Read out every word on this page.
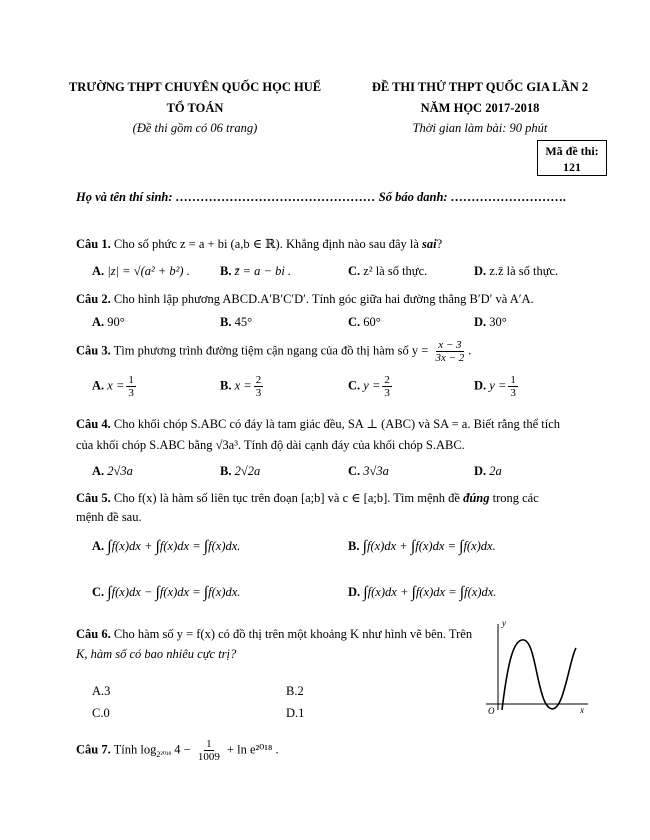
TRƯỜNG THPT CHUYÊN QUỐC HỌC HUẾ
TỔ TOÁN
(Đề thi gồm có 06 trang)
ĐỀ THI THỬ THPT QUỐC GIA LẦN 2
NĂM HỌC 2017-2018
Thời gian làm bài: 90 phút
Mã đề thi:
121
Họ và tên thí sinh: ………………………………………… Số báo danh: ……………………….
Câu 1. Cho số phức z = a + bi (a,b ∈ ℝ). Khẳng định nào sau đây là sai?
A. |z| = √(a² + b²) . B. z̄ = a − bi .	C. z² là số thực.	D. z.z̄ là số thực.
Câu 2. Cho hình lập phương ABCD.A′B′C′D′. Tính góc giữa hai đường thẳng B′D′ và A′A.
A. 90°	B. 45°	C. 60°	D. 30°
Câu 3. Tìm phương trình đường tiệm cận ngang của đồ thị hàm số $y = \frac{x - 3}{3x - 2}$ .
A. $x = \frac{1}{3}$	B. $x = \frac{2}{3}$	C. $y = \frac{2}{3}$	D. $y = \frac{1}{3}$
Câu 4. Cho khối chóp S.ABC có đáy là tam giác đều, SA ⊥ (ABC) và SA = a. Biết rằng thể tích
của khối chóp S.ABC bằng √3a³. Tính độ dài cạnh đáy của khối chóp S.ABC.
A. 2√3a	B. 2√2a	C. 3√3a	D. 2a
Câu 5. Cho f(x) là hàm số liên tục trên đoạn [a;b] và c ∈ [a;b]. Tìm mệnh đề đúng trong các
mệnh đề sau.
A. ∫f(x)dx + ∫f(x)dx = ∫f(x)dx.	B. ∫f(x)dx + ∫f(x)dx = ∫f(x)dx.
C. ∫f(x)dx − ∫f(x)dx = ∫f(x)dx.	D. ∫f(x)dx + ∫f(x)dx = ∫f(x)dx.
Câu 6. Cho hàm số y = f(x) có đồ thị trên một khoảng K như hình vẽ bên. Trên
K, hàm số có bao nhiêu cực trị?
A.3	B.2
C.0	D.1
y
x
O
Câu 7. Tính $\log_{2^{2018}} 4 - \frac{1}{1009} + \ln e^{2018}$ .
